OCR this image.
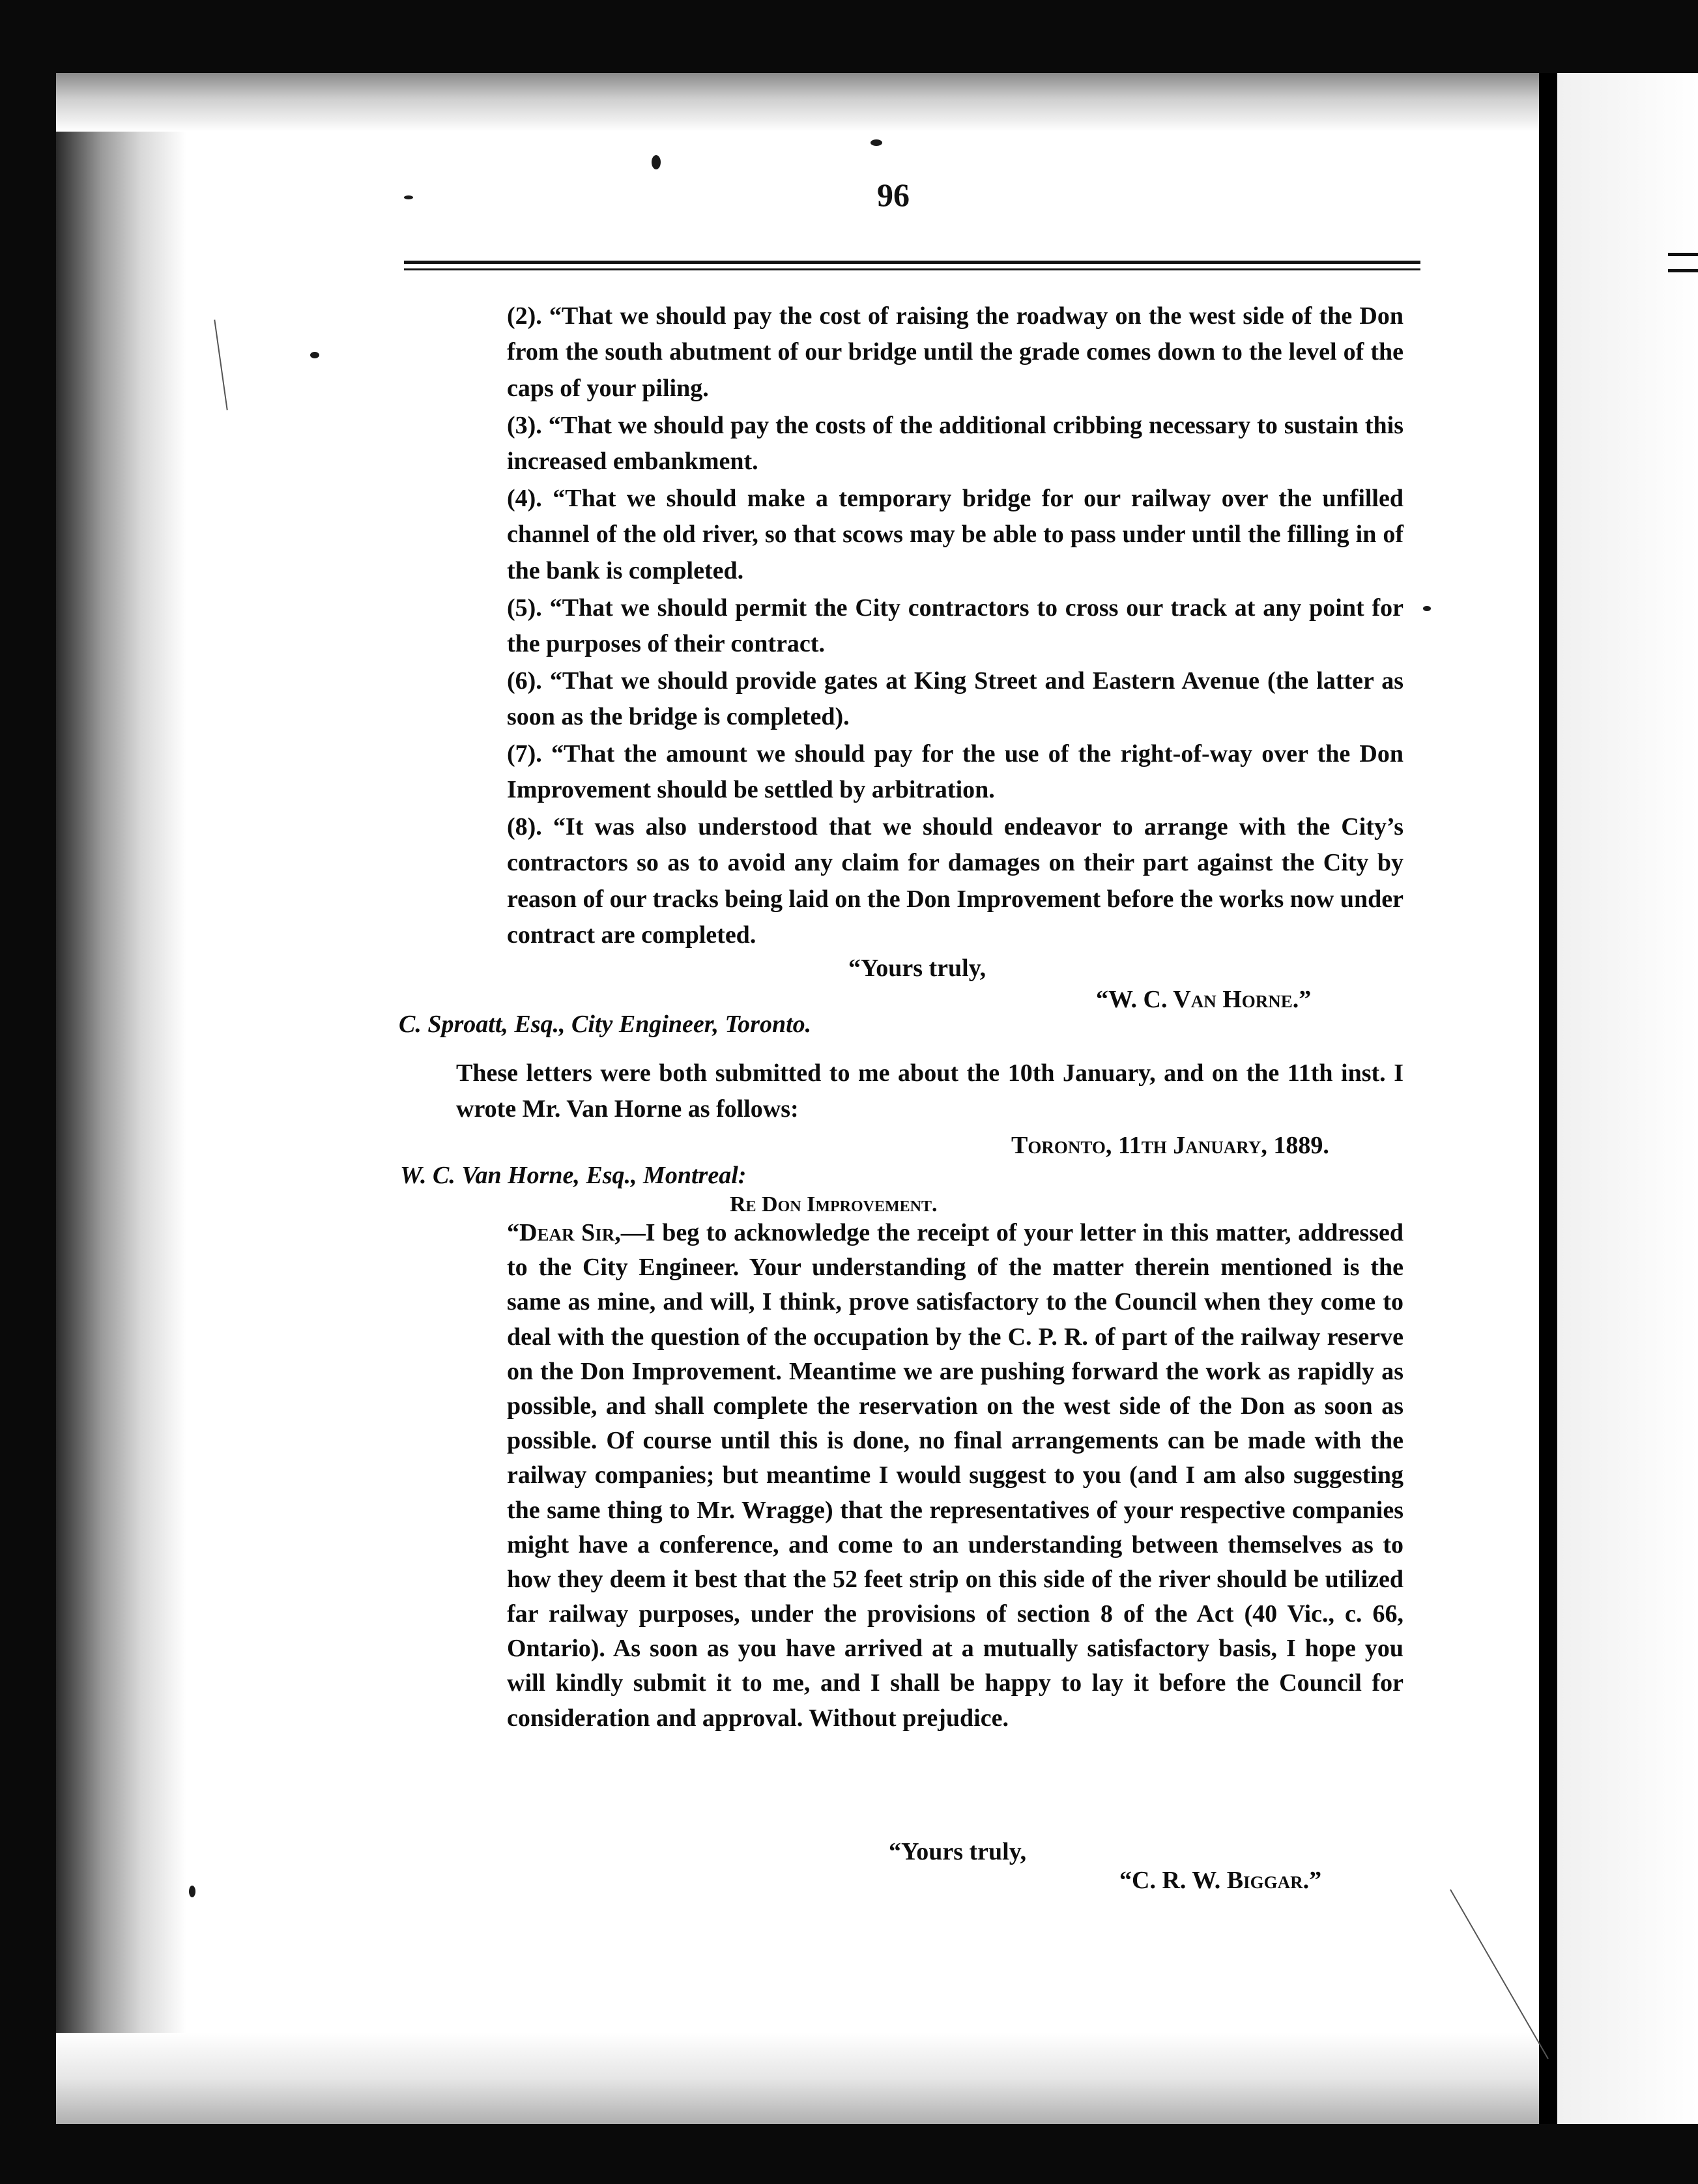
96

(2). “That we should pay the cost of raising the roadway on the west side of the Don from the south abutment of our bridge until the grade comes down to the level of the caps of your piling.

(3). “That we should pay the costs of the additional cribbing necessary to sustain this increased embankment.

(4). “That we should make a temporary bridge for our railway over the unfilled channel of the old river, so that scows may be able to pass under until the filling in of the bank is completed.

(5). “That we should permit the City contractors to cross our track at any point for the purposes of their contract.

(6). “That we should provide gates at King Street and Eastern Avenue (the latter as soon as the bridge is completed).

(7). “That the amount we should pay for the use of the right-of-way over the Don Improvement should be settled by arbitration.

(8). “It was also understood that we should endeavor to arrange with the City’s contractors so as to avoid any claim for damages on their part against the City by reason of our tracks being laid on the Don Improvement before the works now under contract are completed.

“Yours truly,

“W. C. Van Horne.”

C. Sproatt, Esq., City Engineer, Toronto.

These letters were both submitted to me about the 10th January, and on the 11th inst. I wrote Mr. Van Horne as follows:

Toronto, 11th January, 1889.

W. C. Van Horne, Esq., Montreal:

Re Don Improvement.

“Dear Sir,—I beg to acknowledge the receipt of your letter in this matter, addressed to the City Engineer. Your understanding of the matter therein mentioned is the same as mine, and will, I think, prove satisfactory to the Council when they come to deal with the question of the occupation by the C. P. R. of part of the railway reserve on the Don Improvement. Meantime we are pushing forward the work as rapidly as possible, and shall complete the reservation on the west side of the Don as soon as possible. Of course until this is done, no final arrangements can be made with the railway companies; but meantime I would suggest to you (and I am also suggesting the same thing to Mr. Wragge) that the representatives of your respective companies might have a conference, and come to an understanding between themselves as to how they deem it best that the 52 feet strip on this side of the river should be utilized far railway purposes, under the provisions of section 8 of the Act (40 Vic., c. 66, Ontario). As soon as you have arrived at a mutually satisfactory basis, I hope you will kindly submit it to me, and I shall be happy to lay it before the Council for consideration and approval. Without prejudice.

“Yours truly,

“C. R. W. Biggar.”
